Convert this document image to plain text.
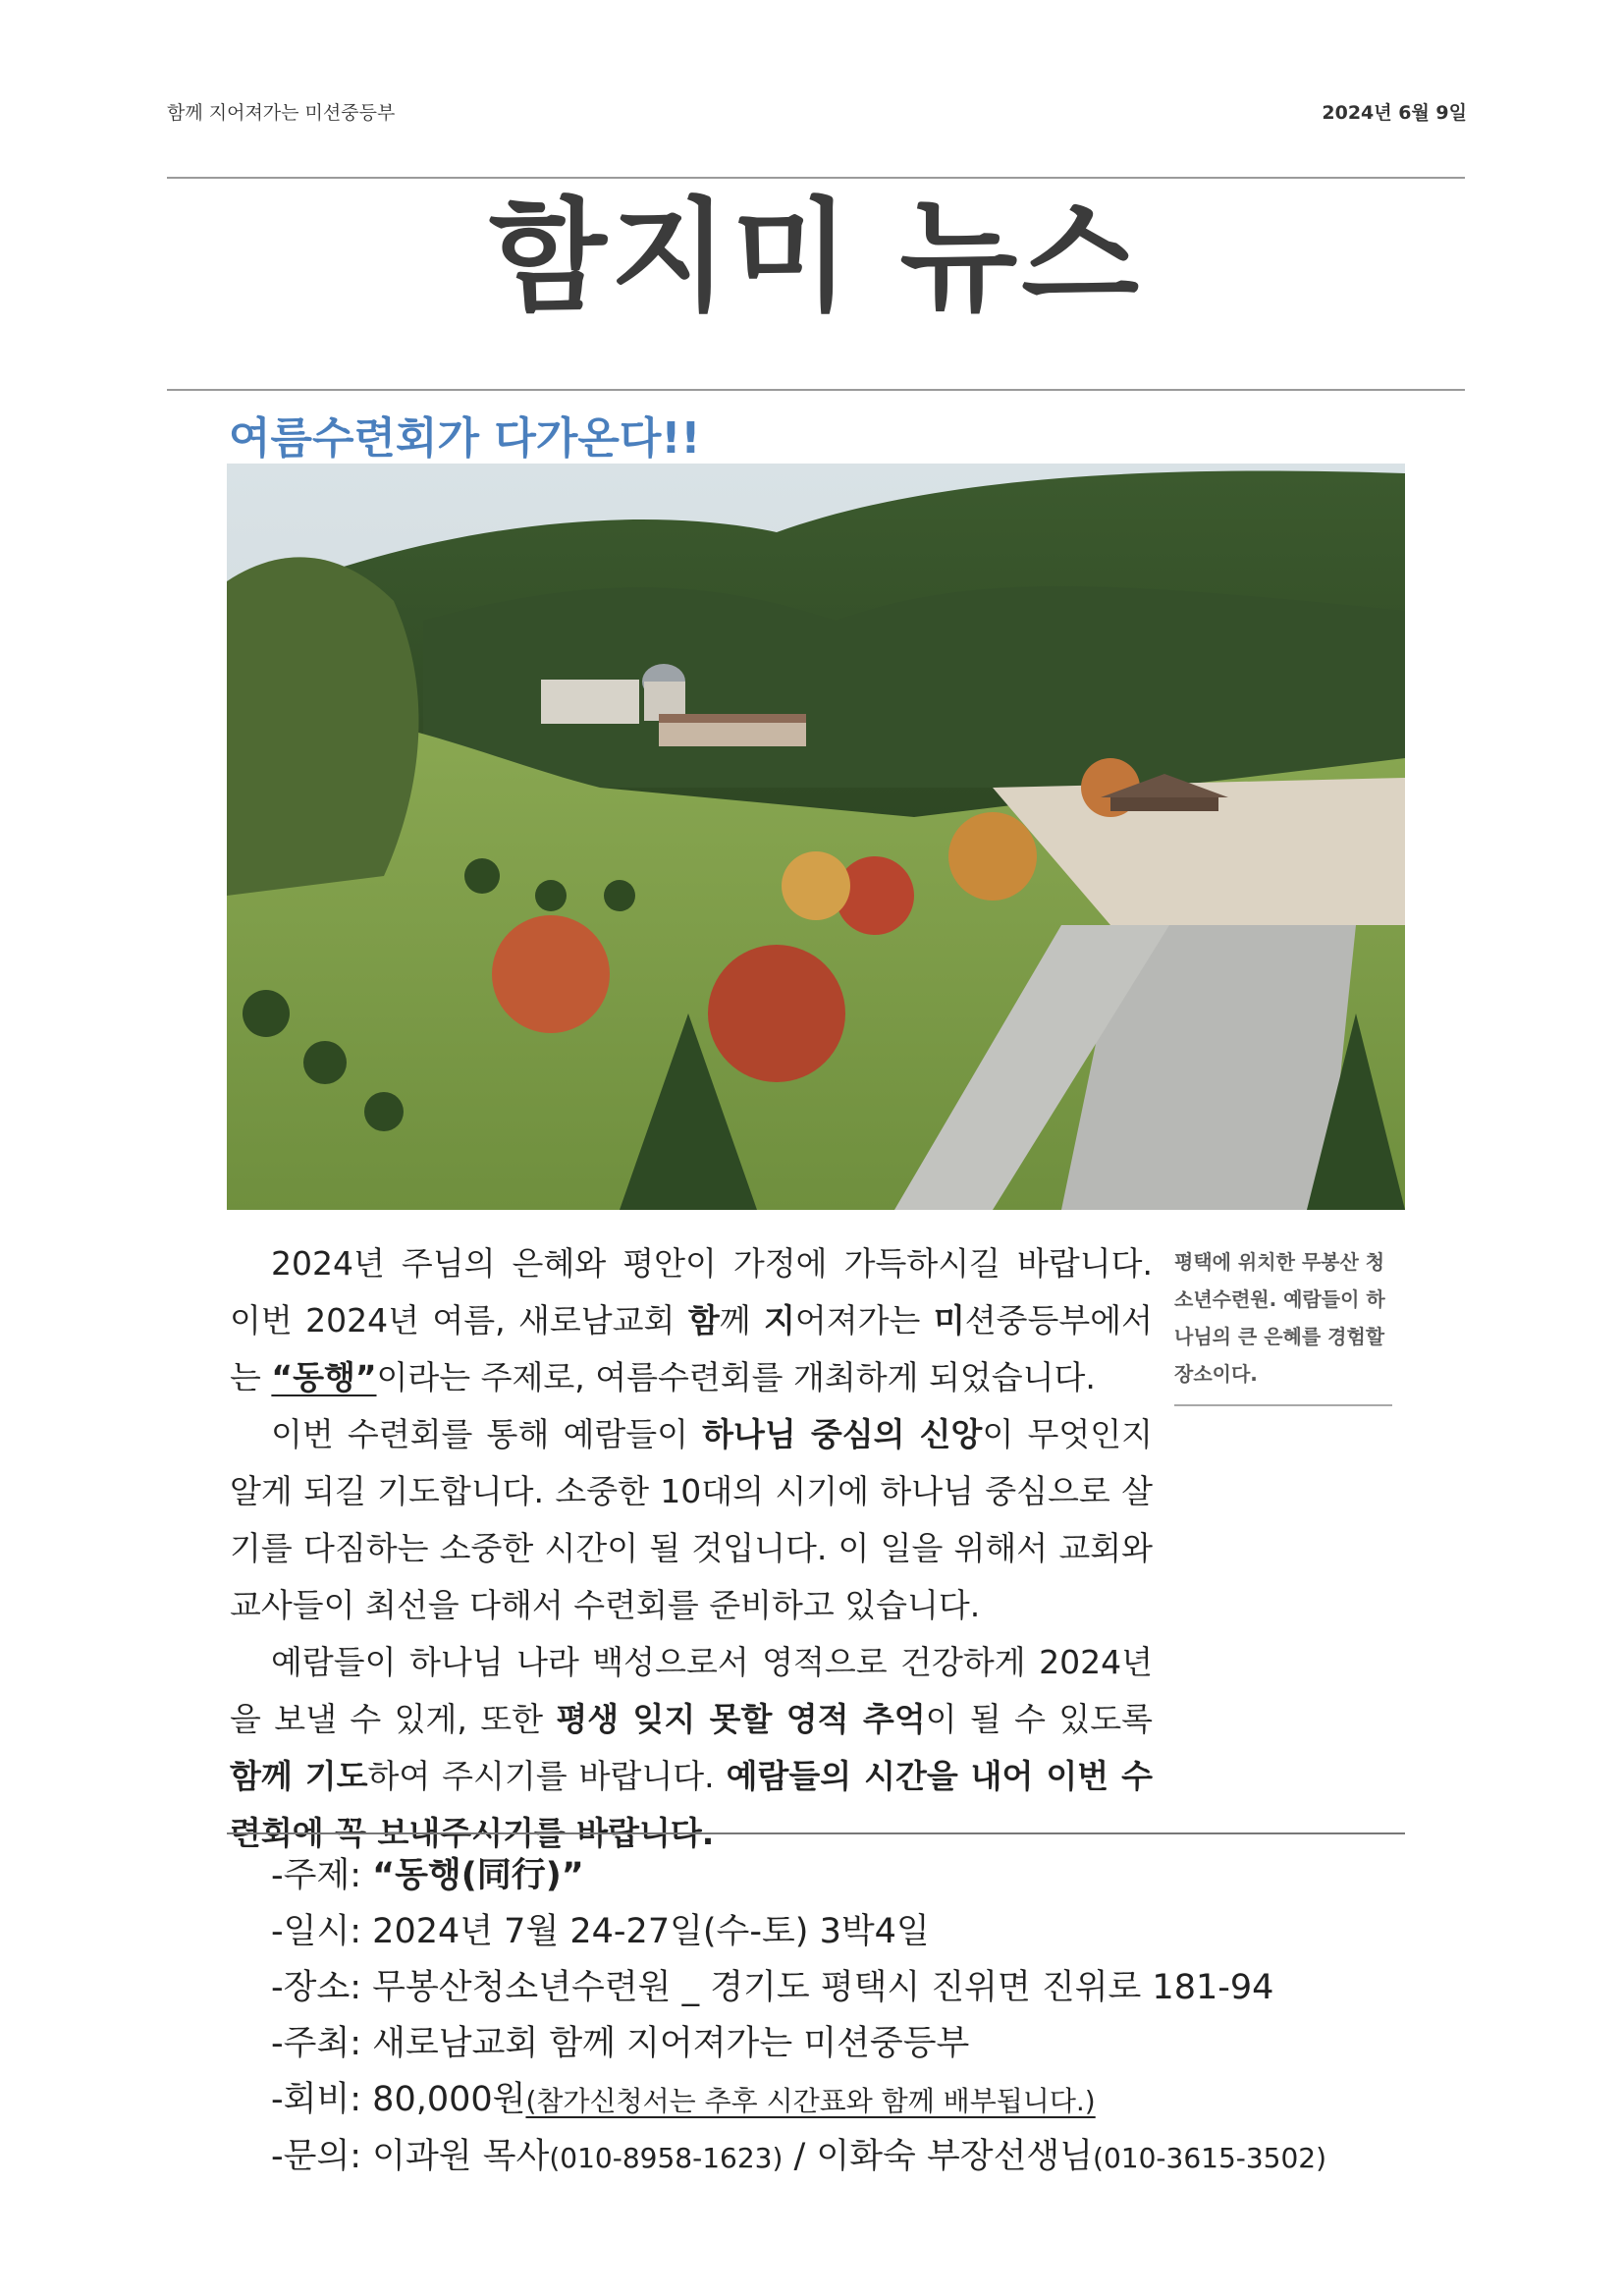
함께 지어져가는 미션중등부	2024년 6월 9일
함지미 뉴스
여름수련회가 다가온다!!
평택에 위치한 무봉산 청소년수련원. 예람들이 하나님의 큰 은혜를 경험할 장소이다.

2024년 주님의 은혜와 평안이 가정에 가득하시길 바랍니다. 이번 2024년 여름, 새로남교회 함께 지어져가는 미션중등부에서는 “동행”이라는 주제로, 여름수련회를 개최하게 되었습니다.

이번 수련회를 통해 예람들이 하나님 중심의 신앙이 무엇인지 알게 되길 기도합니다. 소중한 10대의 시기에 하나님 중심으로 살기를 다짐하는 소중한 시간이 될 것입니다. 이 일을 위해서 교회와 교사들이 최선을 다해서 수련회를 준비하고 있습니다.

예람들이 하나님 나라 백성으로서 영적으로 건강하게 2024년을 보낼 수 있게, 또한 평생 잊지 못할 영적 추억이 될 수 있도록 함께 기도하여 주시기를 바랍니다. 예람들의 시간을 내어 이번 수련회에 꼭 보내주시기를 바랍니다.

-주제: “동행(同行)”
-일시: 2024년 7월 24-27일(수-토) 3박4일
-장소: 무봉산청소년수련원 _ 경기도 평택시 진위면 진위로 181-94
-주최: 새로남교회 함께 지어져가는 미션중등부
-회비: 80,000원(참가신청서는 추후 시간표와 함께 배부됩니다.)
-문의: 이과원 목사(010-8958-1623) / 이화숙 부장선생님(010-3615-3502)
